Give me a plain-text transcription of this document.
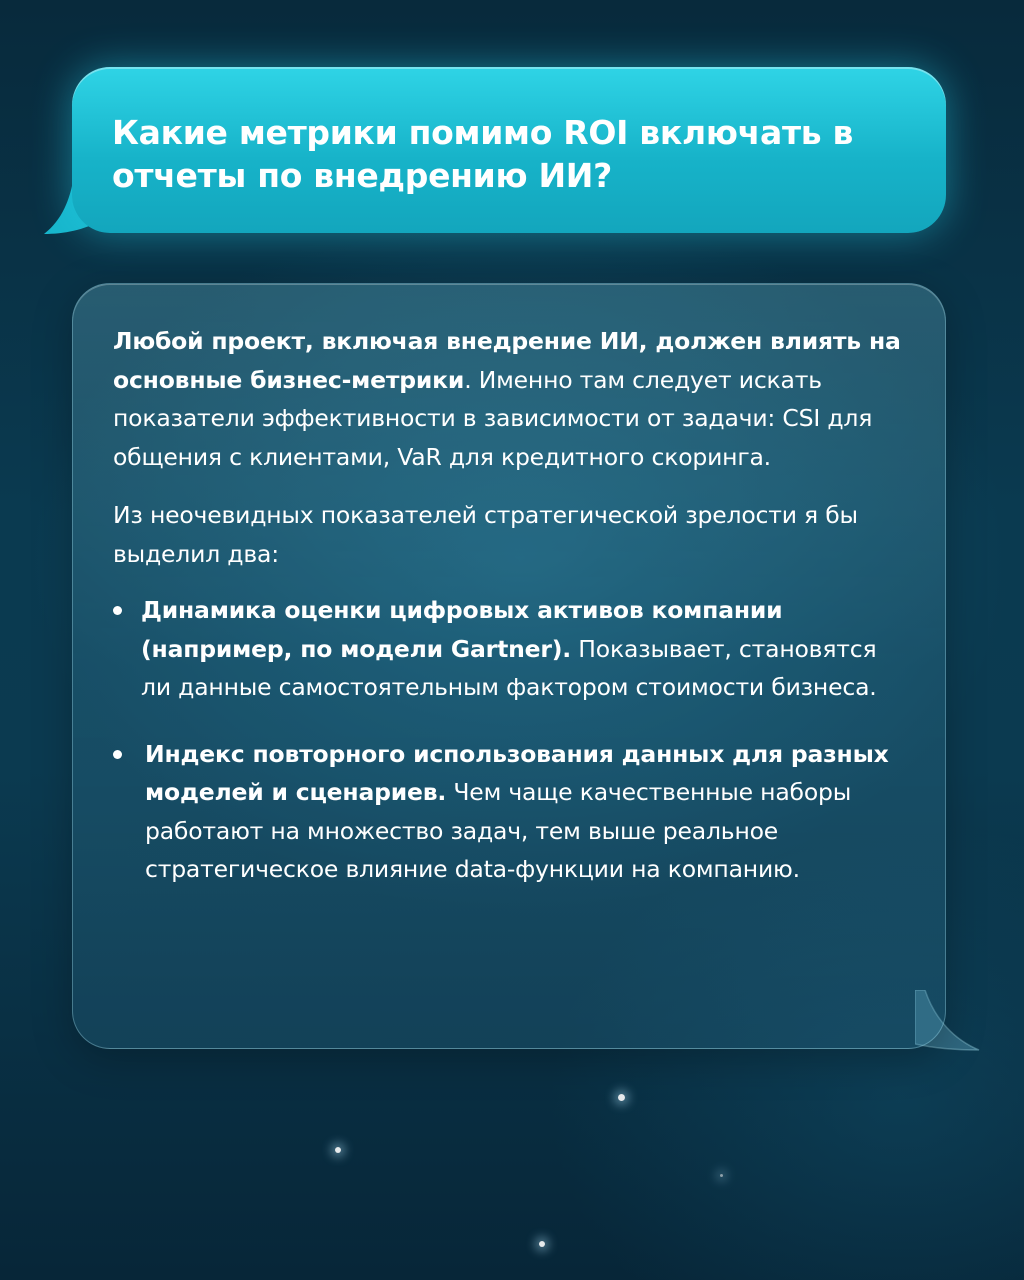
Какие метрики помимо ROI включать в отчеты по внедрению ИИ?

Любой проект, включая внедрение ИИ, должен влиять на основные бизнес-метрики. Именно там следует искать показатели эффективности в зависимости от задачи: CSI для общения с клиентами, VaR для кредитного скоринга.

Из неочевидных показателей стратегической зрелости я бы выделил два:

Динамика оценки цифровых активов компании (например, по модели Gartner). Показывает, становятся ли данные самостоятельным фактором стоимости бизнеса.
Индекс повторного использования данных для разных моделей и сценариев. Чем чаще качественные наборы работают на множество задач, тем выше реальное стратегическое влияние data-функции на компанию.
